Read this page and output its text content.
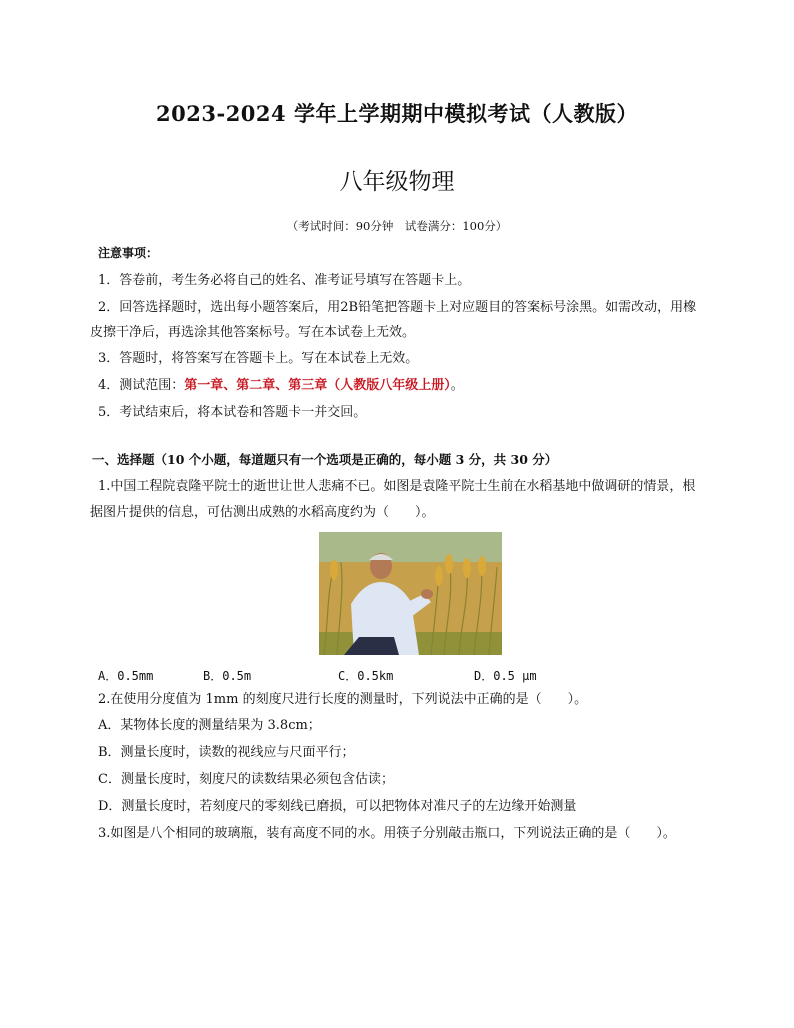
2023-2024 学年上学期期中模拟考试（人教版）
八年级物理
（考试时间：90分钟　试卷满分：100分）
注意事项：
1．答卷前，考生务必将自己的姓名、准考证号填写在答题卡上。
2．回答选择题时，选出每小题答案后，用2B铅笔把答题卡上对应题目的答案标号涂黑。如需改动，用橡
皮擦干净后，再选涂其他答案标号。写在本试卷上无效。
3．答题时，将答案写在答题卡上。写在本试卷上无效。
4．测试范围：第一章、第二章、第三章（人教版八年级上册）。
5．考试结束后，将本试卷和答题卡一并交回。
一、选择题（10 个小题，每道题只有一个选项是正确的，每小题 3 分，共 30 分）
1.中国工程院袁隆平院士的逝世让世人悲痛不已。如图是袁隆平院士生前在水稻基地中做调研的情景，根
据图片提供的信息，可估测出成熟的水稻高度约为（　　）。
A．0.5mm	B．0.5m	C．0.5km	D．0.5 μm
2.在使用分度值为 1mm 的刻度尺进行长度的测量时，下列说法中正确的是（　　）。
A．某物体长度的测量结果为 3.8cm；
B．测量长度时，读数的视线应与尺面平行；
C．测量长度时，刻度尺的读数结果必须包含估读；
D．测量长度时，若刻度尺的零刻线已磨损，可以把物体对准尺子的左边缘开始测量
3.如图是八个相同的玻璃瓶，装有高度不同的水。用筷子分别敲击瓶口，下列说法正确的是（　　）。
